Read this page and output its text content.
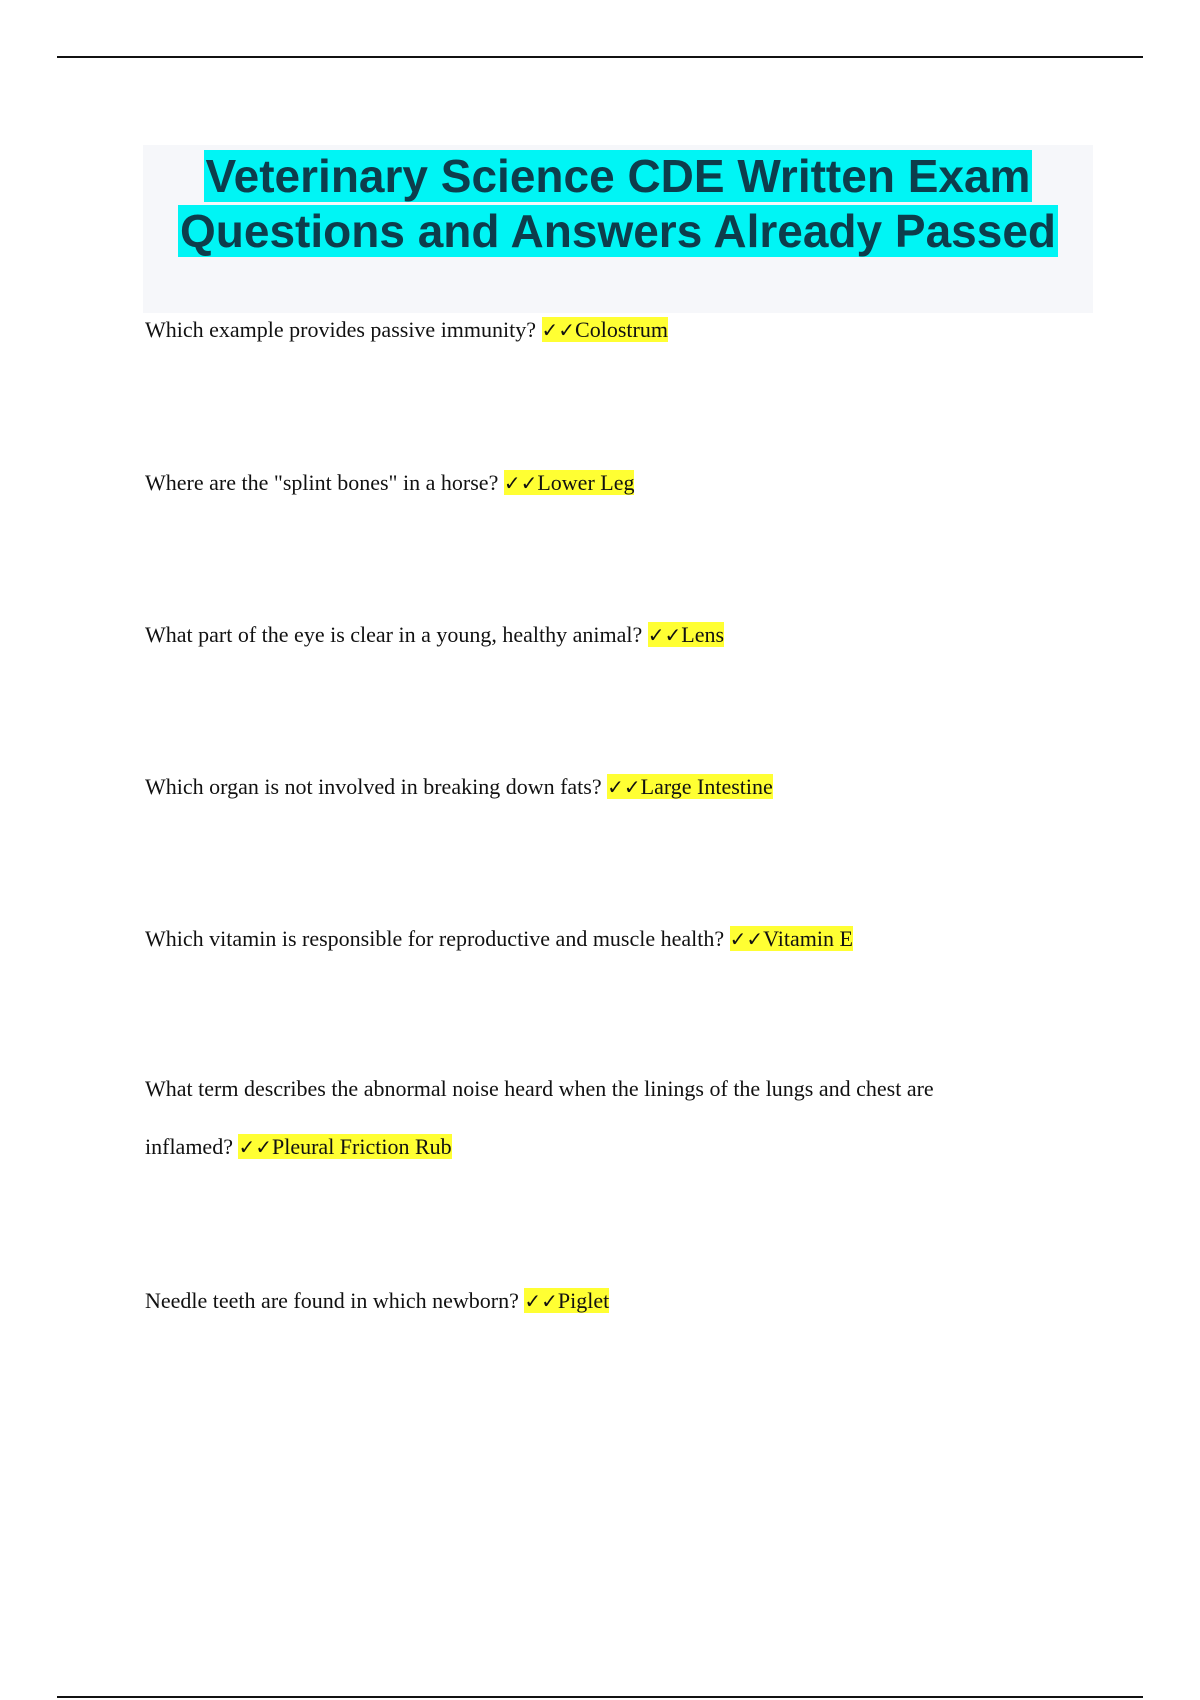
Veterinary Science CDE Written Exam
Questions and Answers Already Passed

Which example provides passive immunity? ✓✓Colostrum

Where are the "splint bones" in a horse? ✓✓Lower Leg

What part of the eye is clear in a young, healthy animal? ✓✓Lens

Which organ is not involved in breaking down fats? ✓✓Large Intestine

Which vitamin is responsible for reproductive and muscle health? ✓✓Vitamin E

What term describes the abnormal noise heard when the linings of the lungs and chest are inflamed? ✓✓Pleural Friction Rub

Needle teeth are found in which newborn? ✓✓Piglet
